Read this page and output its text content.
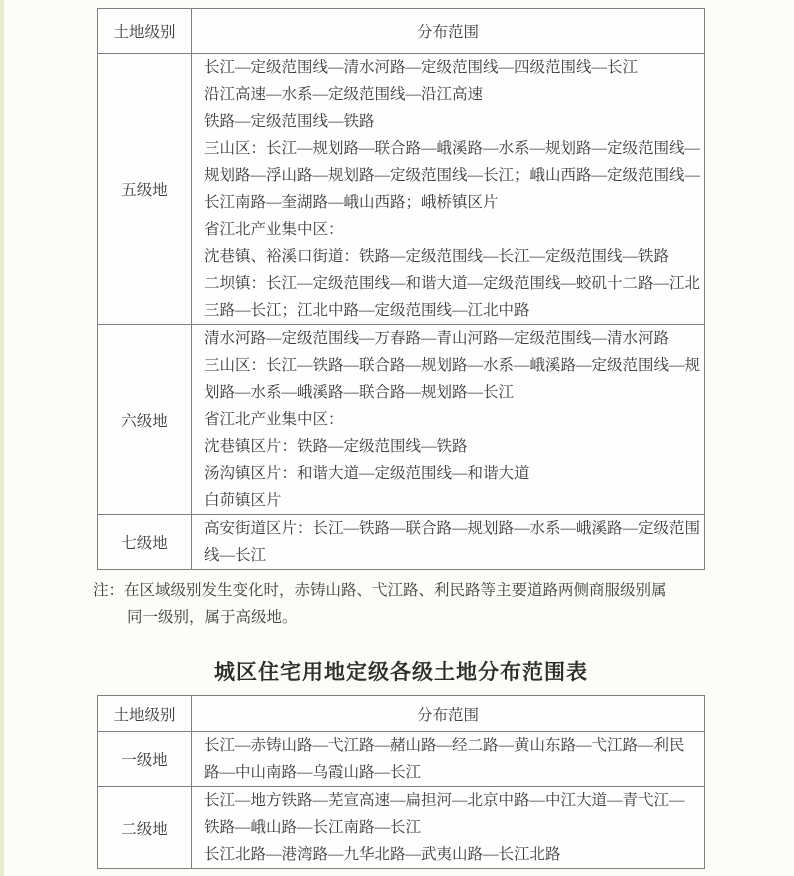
土地级别	分布范围
五级地
长江—定级范围线—清水河路—定级范围线—四级范围线—长江
沿江高速—水系—定级范围线—沿江高速
铁路—定级范围线—铁路
三山区：长江—规划路—联合路—峨溪路—水系—规划路—定级范围线—
规划路—浮山路—规划路—定级范围线—长江；峨山西路—定级范围线—
长江南路—奎湖路—峨山西路；峨桥镇区片
省江北产业集中区：
沈巷镇、裕溪口街道：铁路—定级范围线—长江—定级范围线—铁路
二坝镇：长江—定级范围线—和谐大道—定级范围线—蛟矶十二路—江北
三路—长江；江北中路—定级范围线—江北中路
六级地
清水河路—定级范围线—万春路—青山河路—定级范围线—清水河路
三山区：长江—铁路—联合路—规划路—水系—峨溪路—定级范围线—规
划路—水系—峨溪路—联合路—规划路—长江
省江北产业集中区：
沈巷镇区片：铁路—定级范围线—铁路
汤沟镇区片：和谐大道—定级范围线—和谐大道
白茆镇区片
七级地
高安街道区片：长江—铁路—联合路—规划路—水系—峨溪路—定级范围
线—长江
注：在区域级别发生变化时，赤铸山路、弋江路、利民路等主要道路两侧商服级别属
同一级别，属于高级地。
城区住宅用地定级各级土地分布范围表
土地级别	分布范围
一级地
长江—赤铸山路—弋江路—赭山路—经二路—黄山东路—弋江路—利民
路—中山南路—乌霞山路—长江
二级地
长江—地方铁路—芜宣高速—扁担河—北京中路—中江大道—青弋江—
铁路—峨山路—长江南路—长江
长江北路—港湾路—九华北路—武夷山路—长江北路
